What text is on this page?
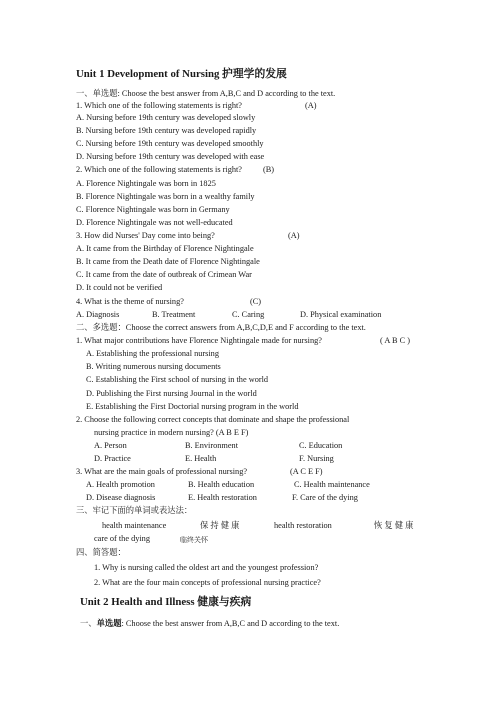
Unit 1 Development of Nursing 护理学的发展
一、单选题: Choose the best answer from A,B,C and D according to the text.
1. Which one of the following statements is right?	(A)
A. Nursing before 19th century was developed slowly
B. Nursing before 19th century was developed rapidly
C. Nursing before 19th century was developed smoothly
D. Nursing before 19th century was developed with ease
2. Which one of the following statements is right?	(B)
A. Florence Nightingale was born in 1825
B. Florence Nightingale was born in a wealthy family
C. Florence Nightingale was born in Germany
D. Florence Nightingale was not well-educated
3. How did Nurses' Day come into being?	(A)
A. It came from the Birthday of Florence Nightingale
B. It came from the Death date of Florence Nightingale
C. It came from the date of outbreak of Crimean War
D. It could not be verified
4. What is the theme of nursing?	(C)
A. Diagnosis	B. Treatment	C. Caring	D. Physical examination
二、多选题：Choose the correct answers from A,B,C,D,E and F according to the text.
1. What major contributions have Florence Nightingale made for nursing?	( A B C )
A. Establishing the professional nursing
B. Writing numerous nursing documents
C. Establishing the First school of nursing in the world
D. Publishing the First nursing Journal in the world
E. Establishing the First Doctorial nursing program in the world
2. Choose the following correct concepts that dominate and shape the professional
nursing practice in modern nursing? (A B E F)
A. Person	B. Environment	C. Education
D. Practice	E. Health	F. Nursing
3. What are the main goals of professional nursing?	(A C E F)
A. Health promotion	B. Health education	C. Health maintenance
D. Disease diagnosis	E. Health restoration	F. Care of the dying
三、牢记下面的单词或表达法：
health maintenance	保 持 健 康	health restoration	恢 复 健 康
care of the dying	临终关怀
四、简答题：
1. Why is nursing called the oldest art and the youngest profession?
2. What are the four main concepts of professional nursing practice?
Unit 2 Health and Illness 健康与疾病
一、单选题: Choose the best answer from A,B,C and D according to the text.
